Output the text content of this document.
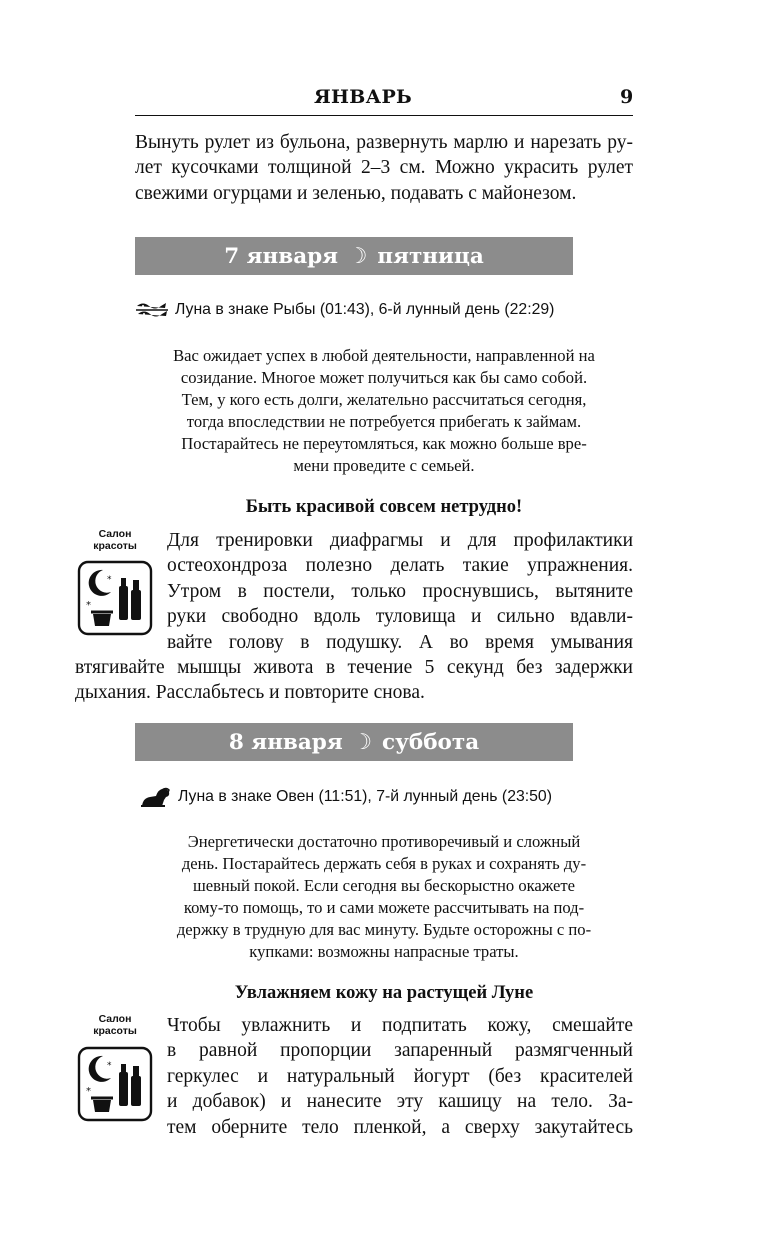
ЯНВАРЬ	9
Вынуть рулет из бульона, развернуть марлю и нарезать ру-
лет кусочками толщиной 2–3 см. Можно украсить рулет
свежими огурцами и зеленью, подавать с майонезом.
7 января ☽ пятница
Луна в знаке Рыбы (01:43), 6-й лунный день (22:29)
Вас ожидает успех в любой деятельности, направленной на
созидание. Многое может получиться как бы само собой.
Тем, у кого есть долги, желательно рассчитаться сегодня,
тогда впоследствии не потребуется прибегать к займам.
Постарайтесь не переутомляться, как можно больше вре-
мени проведите с семьей.
Быть красивой совсем нетрудно!
Салон
красоты
*
*
Для тренировки диафрагмы и для профилактики
остеохондроза полезно делать такие упражнения.
Утром в постели, только проснувшись, вытяните
руки свободно вдоль туловища и сильно вдавли-
вайте голову в подушку. А во время умывания
втягивайте мышцы живота в течение 5 секунд без задержки
дыхания. Расслабьтесь и повторите снова.
8 января ☽ суббота
Луна в знаке Овен (11:51), 7-й лунный день (23:50)
Энергетически достаточно противоречивый и сложный
день. Постарайтесь держать себя в руках и сохранять ду-
шевный покой. Если сегодня вы бескорыстно окажете
кому-то помощь, то и сами можете рассчитывать на под-
держку в трудную для вас минуту. Будьте осторожны с по-
купками: возможны напрасные траты.
Увлажняем кожу на растущей Луне
Салон
красоты
*
*
Чтобы увлажнить и подпитать кожу, смешайте
в равной пропорции запаренный размягченный
геркулес и натуральный йогурт (без красителей
и добавок) и нанесите эту кашицу на тело. За-
тем оберните тело пленкой, а сверху закутайтесь
